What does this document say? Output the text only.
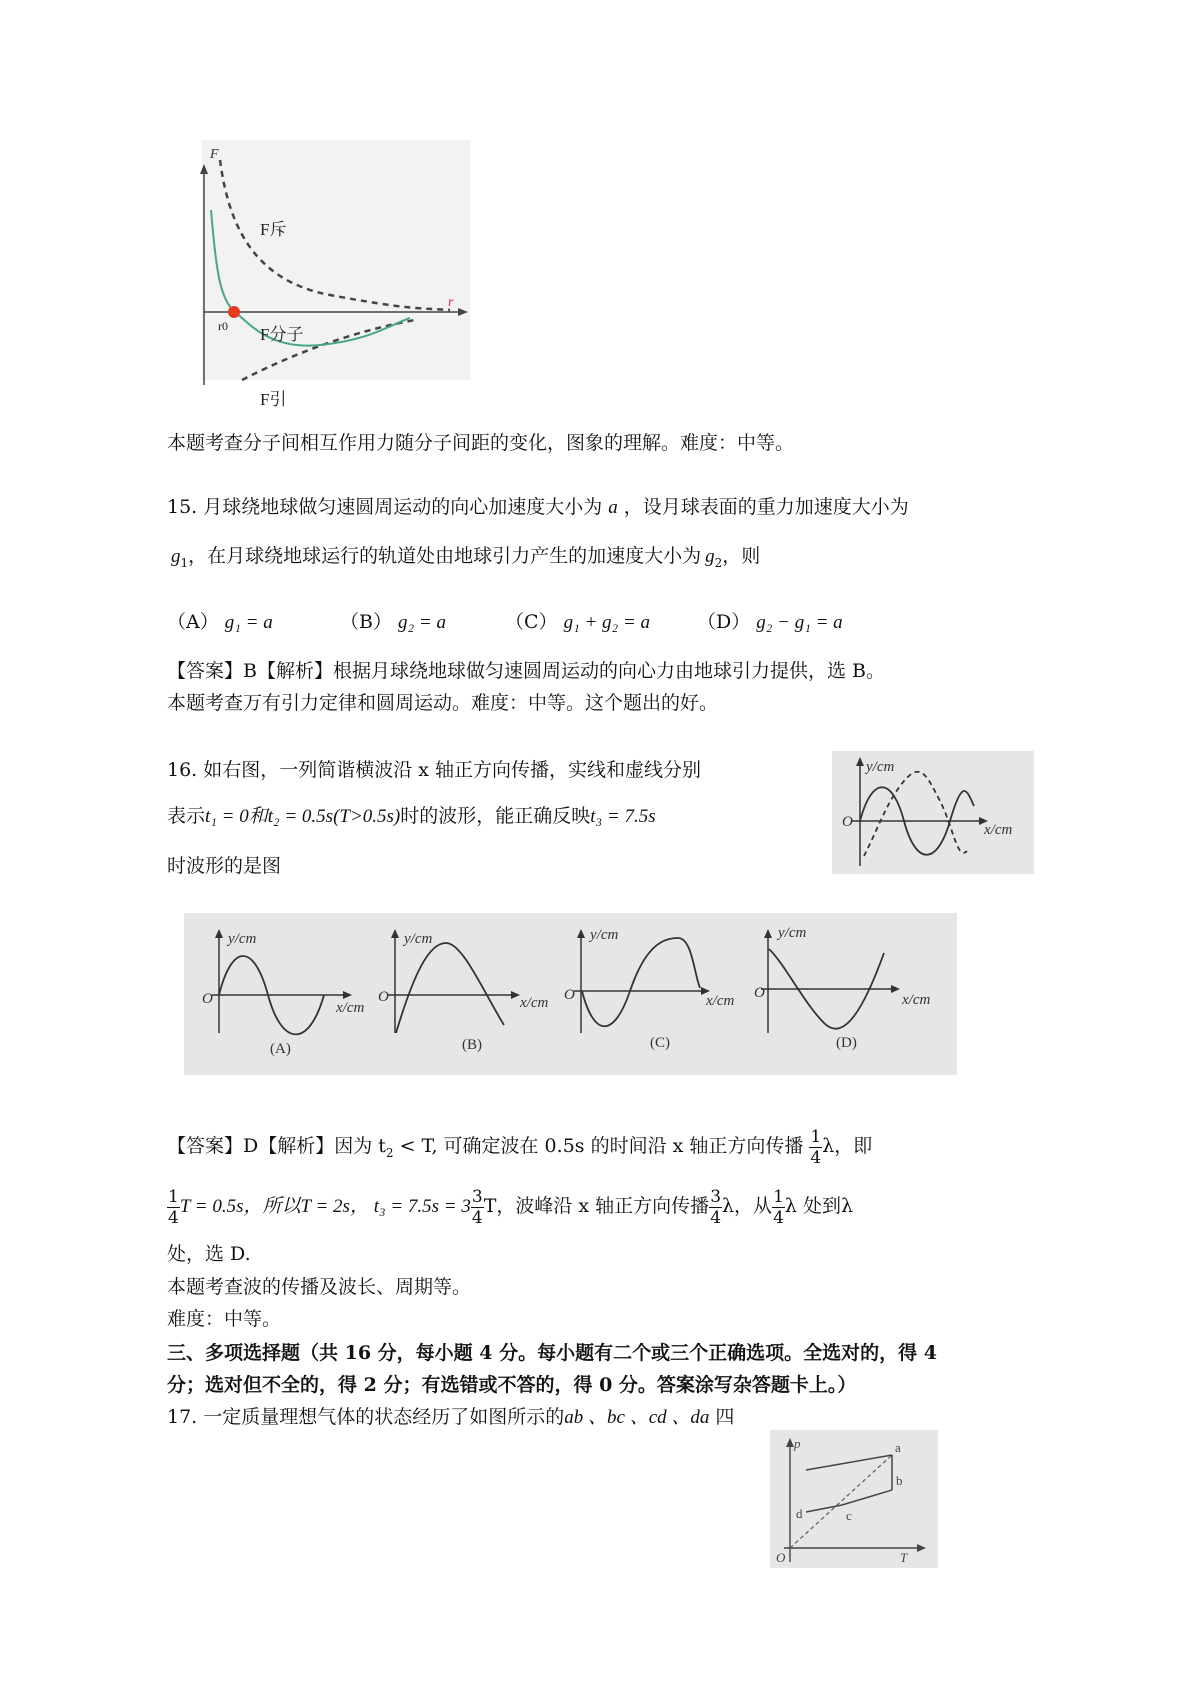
F
r
F斥
F分子
F引
r0
本题考查分子间相互作用力随分子间距的变化，图象的理解。难度：中等。
15. 月球绕地球做匀速圆周运动的向心加速度大小为 a ，设月球表面的重力加速度大小为
$g_1$，在月球绕地球运行的轨道处由地球引力产生的加速度大小为 $g_2$，则
（A） g₁ = a	（B） g₂ = a	（C） g₁ + g₂ = a （D） g₂ − g₁ = a
【答案】B【解析】根据月球绕地球做匀速圆周运动的向心力由地球引力提供，选 B。
本题考查万有引力定律和圆周运动。难度：中等。这个题出的好。
16. 如右图，一列简谐横波沿 x 轴正方向传播，实线和虚线分别
表示t₁ = 0和t₂ = 0.5s(T>0.5s)时的波形，能正确反映t₃ = 7.5s
时波形的是图
y/cm
x/cm
O
y/cm
x/cm
O
(A)
y/cm
x/cm
O
(B)
y/cm
x/cm
O
(C)
y/cm
x/cm
O
(D)
【答案】D【解析】因为 $t_2 < T$, 可确定波在 0.5s 的时间沿 x 轴正方向传播 $\frac{1}{4}$ λ，即
$\frac{1}{4}$ T = 0.5s，所以T = 2s， $t_3 = 7.5s = 3 \frac{3}{4}$ T，波峰沿 x 轴正方向传播 $\frac{3}{4}$ λ，从 $\frac{1}{4}$ λ 处到λ
处，选 D.
本题考查波的传播及波长、周期等。
难度：中等。
三、多项选择题（共 16 分，每小题 4 分。每小题有二个或三个正确选项。全选对的，得 4
分；选对但不全的，得 2 分；有选错或不答的，得 0 分。答案涂写杂答题卡上。）
17. 一定质量理想气体的状态经历了如图所示的ab 、bc 、cd 、da 四
p
T
O
a
b
c
d
